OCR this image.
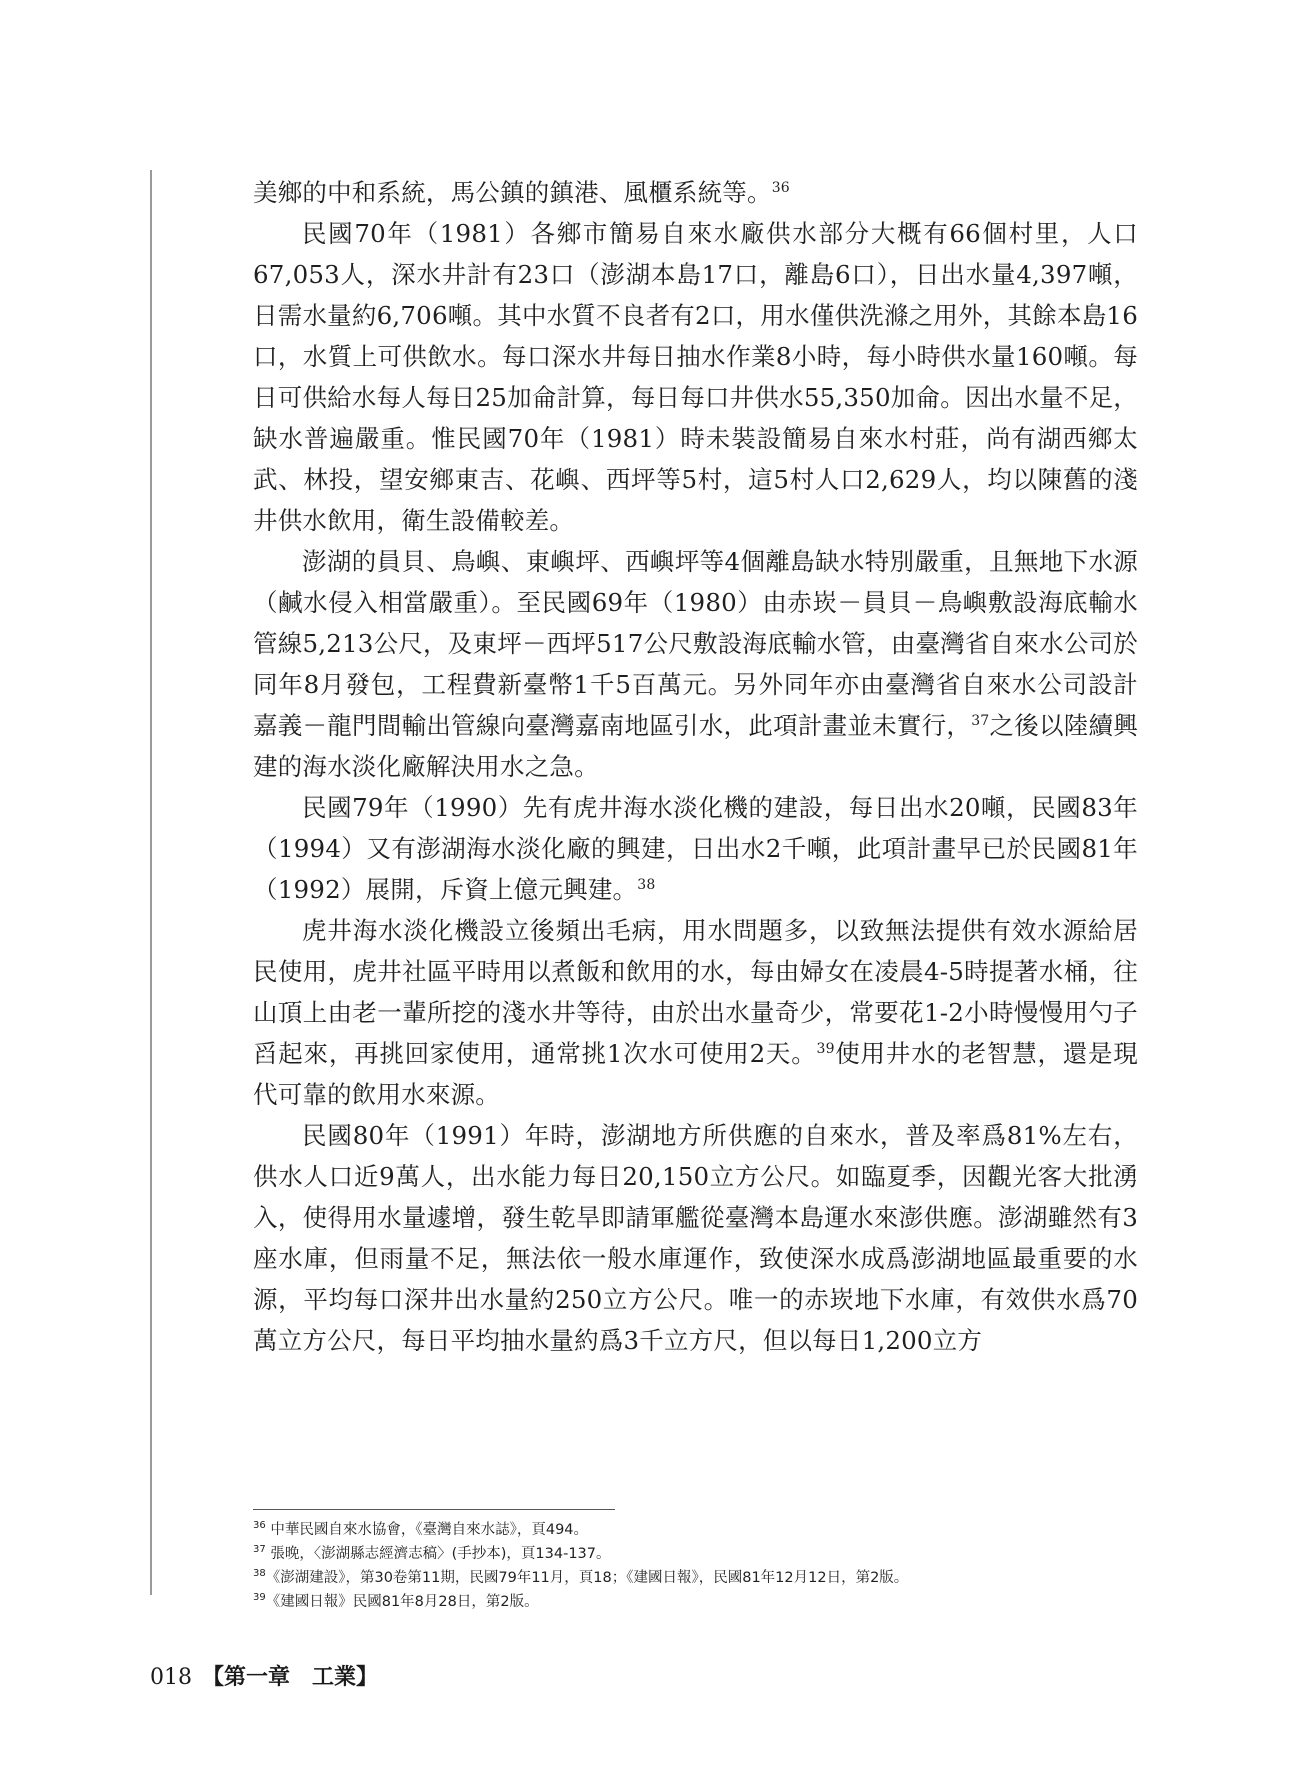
美鄉的中和系統，馬公鎮的鎮港、風櫃系統等。$^{36}$

民國70年（1981）各鄉市簡易自來水廠供水部分大概有66個村里，人口67,053人，深水井計有23口（澎湖本島17口，離島6口），日出水量4,397噸，日需水量約6,706噸。其中水質不良者有2口，用水僅供洗滌之用外，其餘本島16口，水質上可供飲水。每口深水井每日抽水作業8小時，每小時供水量160噸。每日可供給水每人每日25加侖計算，每日每口井供水55,350加侖。因出水量不足，缺水普遍嚴重。惟民國70年（1981）時未裝設簡易自來水村莊，尚有湖西鄉太武、林投，望安鄉東吉、花嶼、西坪等5村，這5村人口2,629人，均以陳舊的淺井供水飲用，衛生設備較差。

澎湖的員貝、鳥嶼、東嶼坪、西嶼坪等4個離島缺水特別嚴重，且無地下水源（鹹水侵入相當嚴重）。至民國69年（1980）由赤崁－員貝－鳥嶼敷設海底輸水管線5,213公尺，及東坪－西坪517公尺敷設海底輸水管，由臺灣省自來水公司於同年8月發包，工程費新臺幣1千5百萬元。另外同年亦由臺灣省自來水公司設計嘉義－龍門間輸出管線向臺灣嘉南地區引水，此項計畫並未實行，$^{37}$之後以陸續興建的海水淡化廠解決用水之急。

民國79年（1990）先有虎井海水淡化機的建設，每日出水20噸，民國83年（1994）又有澎湖海水淡化廠的興建，日出水2千噸，此項計畫早已於民國81年（1992）展開，斥資上億元興建。$^{38}$

虎井海水淡化機設立後頻出毛病，用水問題多，以致無法提供有效水源給居民使用，虎井社區平時用以煮飯和飲用的水，每由婦女在凌晨4-5時提著水桶，往山頂上由老一輩所挖的淺水井等待，由於出水量奇少，常要花1-2小時慢慢用勺子舀起來，再挑回家使用，通常挑1次水可使用2天。$^{39}$使用井水的老智慧，還是現代可靠的飲用水來源。

民國80年（1991）年時，澎湖地方所供應的自來水，普及率爲81%左右，供水人口近9萬人，出水能力每日20,150立方公尺。如臨夏季，因觀光客大批湧入，使得用水量遽增，發生乾旱即請軍艦從臺灣本島運水來澎供應。澎湖雖然有3座水庫，但雨量不足，無法依一般水庫運作，致使深水成爲澎湖地區最重要的水源，平均每口深井出水量約250立方公尺。唯一的赤崁地下水庫，有效供水爲70萬立方公尺，每日平均抽水量約爲3千立方尺，但以每日1,200立方

$^{36}$ 中華民國自來水協會，《臺灣自來水誌》，頁494。
$^{37}$ 張晚，〈澎湖縣志經濟志稿〉(手抄本)，頁134-137。
$^{38}$《澎湖建設》，第30卷第11期，民國79年11月，頁18；《建國日報》，民國81年12月12日，第2版。
$^{39}$《建國日報》民國81年8月28日，第2版。
018 【第一章　工業】
